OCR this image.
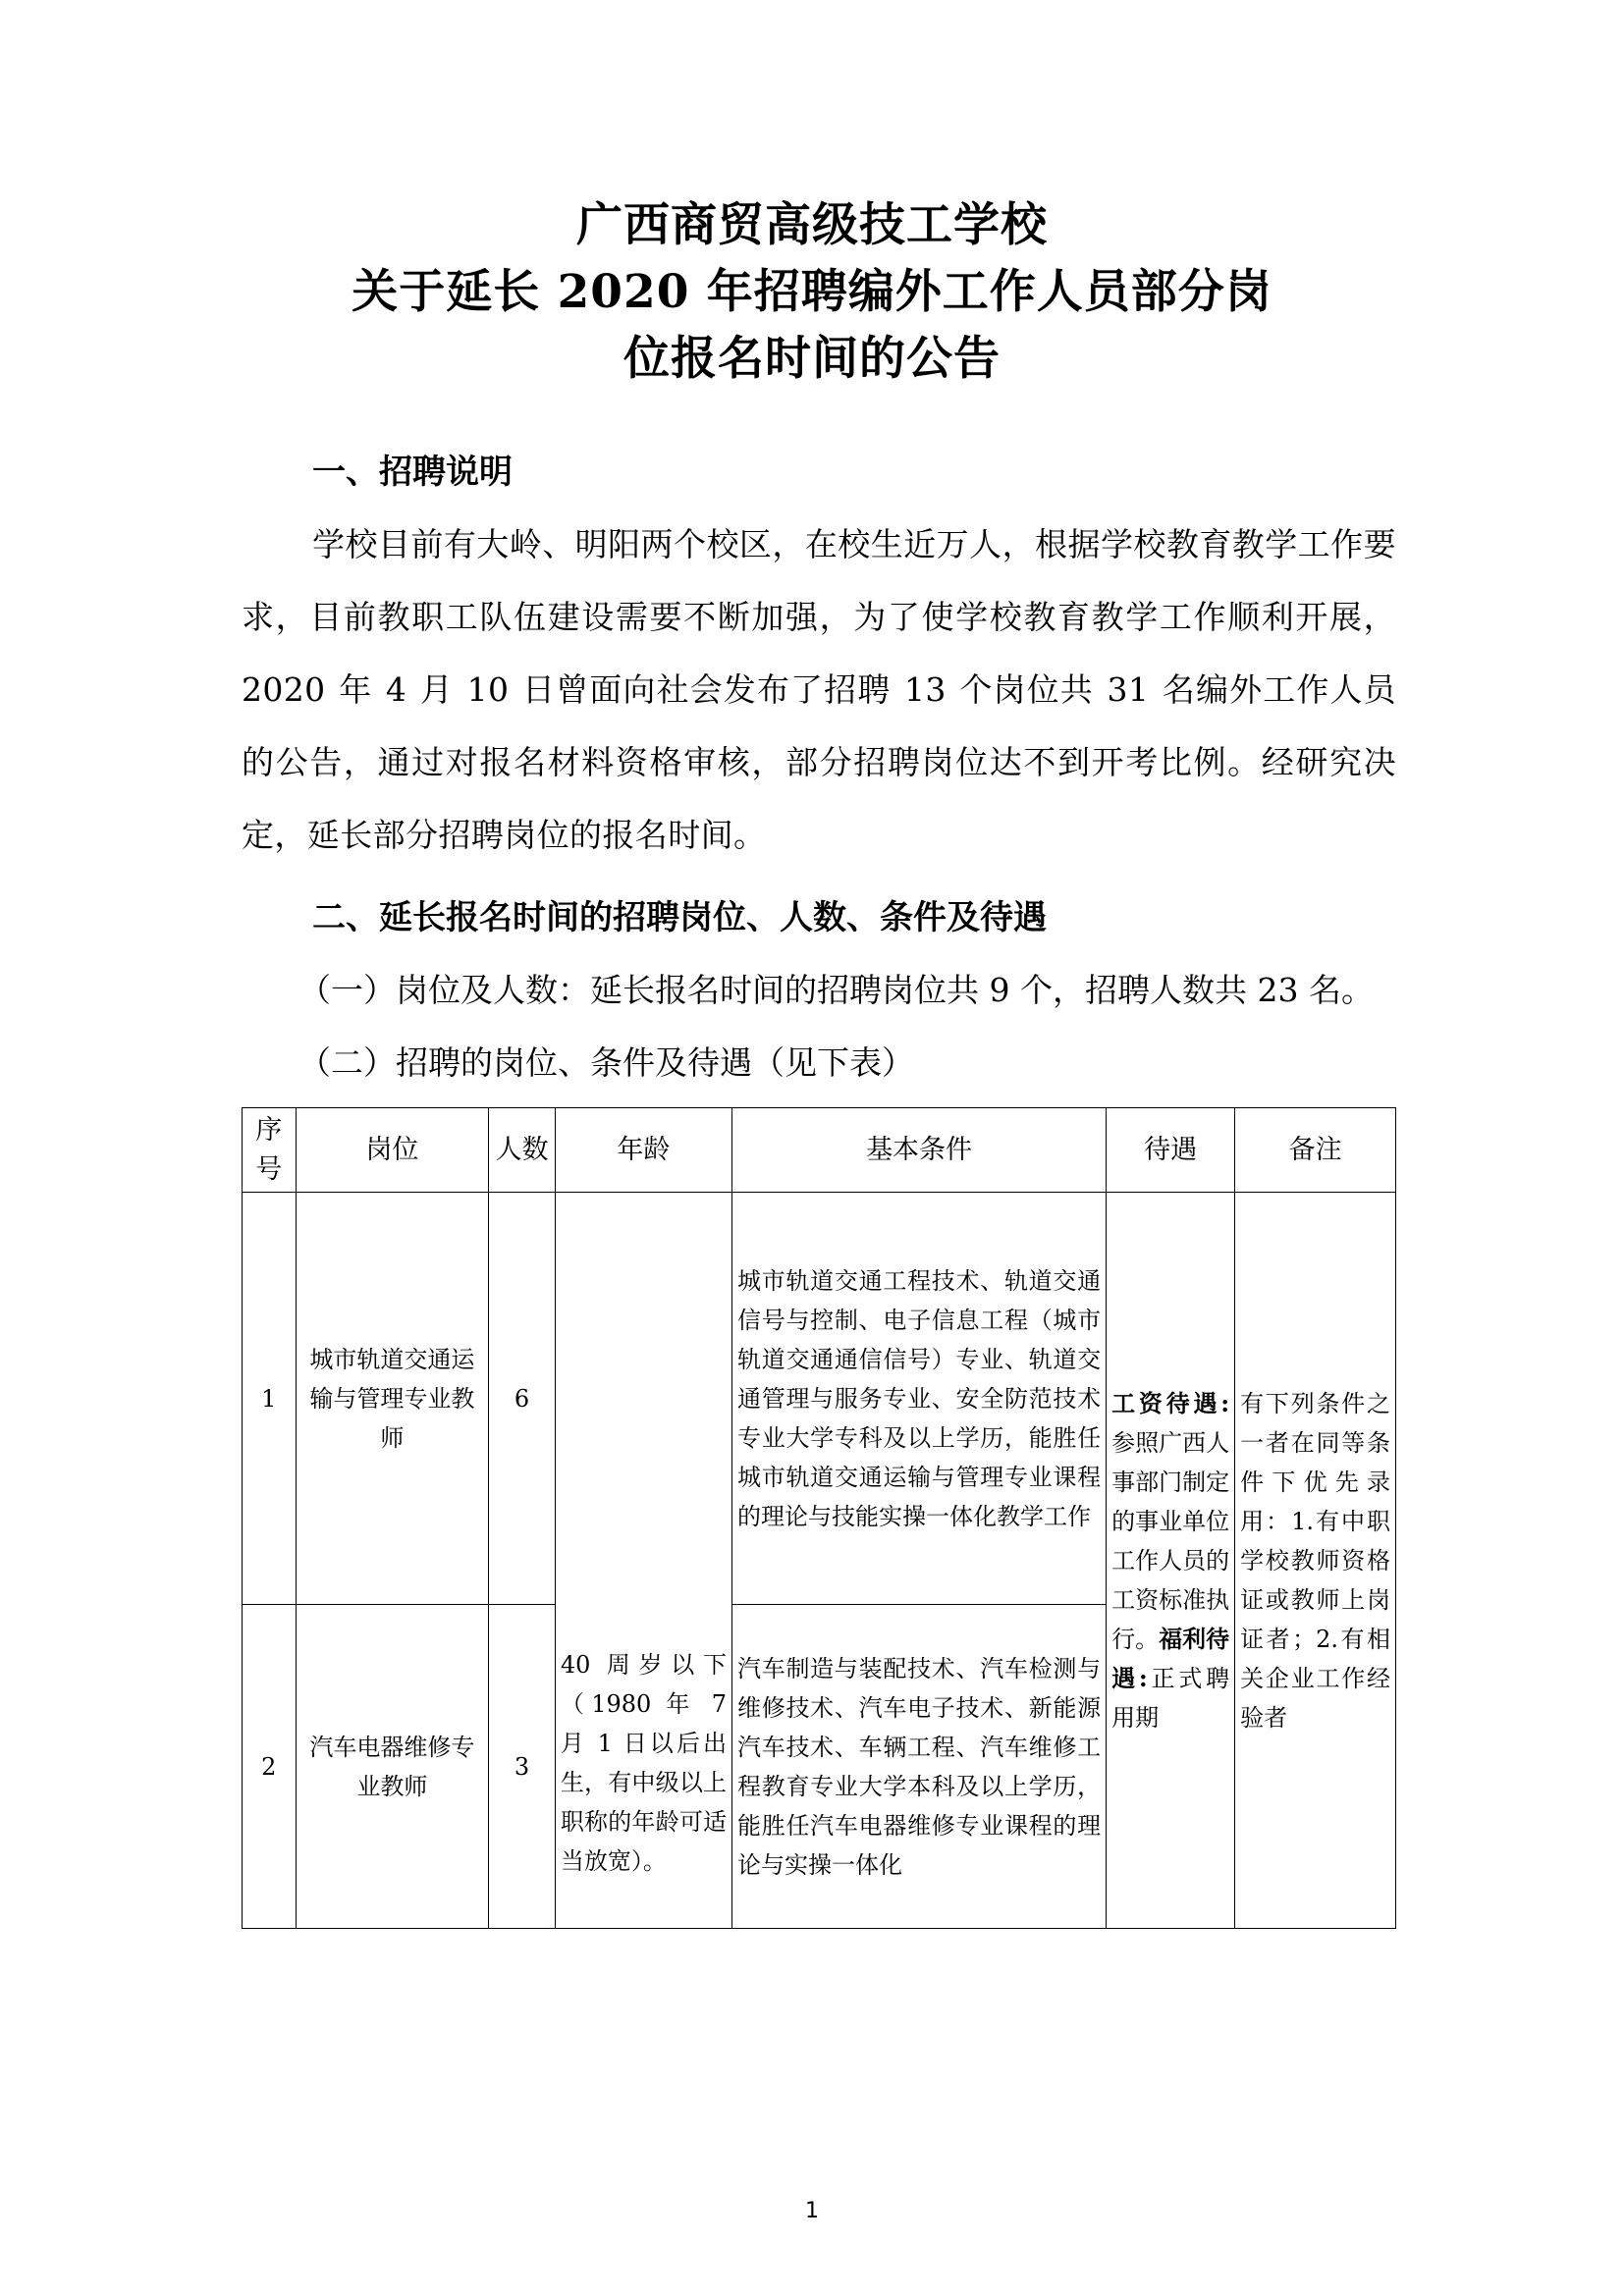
广西商贸高级技工学校
关于延长 2020 年招聘编外工作人员部分岗
位报名时间的公告
一、招聘说明

学校目前有大岭、明阳两个校区，在校生近万人，根据学校教育教学工作要求，目前教职工队伍建设需要不断加强，为了使学校教育教学工作顺利开展，2020 年 4 月 10 日曾面向社会发布了招聘 13 个岗位共 31 名编外工作人员的公告，通过对报名材料资格审核，部分招聘岗位达不到开考比例。经研究决定，延长部分招聘岗位的报名时间。

二、延长报名时间的招聘岗位、人数、条件及待遇

（一）岗位及人数：延长报名时间的招聘岗位共 9 个，招聘人数共 23 名。

（二）招聘的岗位、条件及待遇（见下表）

序号	岗位	人数	年龄	基本条件	待遇	备注
1	城市轨道交通运输与管理专业教师	6	40 周岁以下（1980 年 7 月 1 日以后出生，有中级以上职称的年龄可适当放宽）。	城市轨道交通工程技术、轨道交通信号与控制、电子信息工程（城市轨道交通通信信号）专业、轨道交通管理与服务专业、安全防范技术专业大学专科及以上学历，能胜任城市轨道交通运输与管理专业课程的理论与技能实操一体化教学工作	工资待遇:参照广西人事部门制定的事业单位工作人员的工资标准执行。福利待遇:正式聘用期	有下列条件之一者在同等条件下优先录用：1.有中职学校教师资格证或教师上岗证者；2.有相关企业工作经验者
2	汽车电器维修专业教师	3		汽车制造与装配技术、汽车检测与维修技术、汽车电子技术、新能源汽车技术、车辆工程、汽车维修工程教育专业大学本科及以上学历，能胜任汽车电器维修专业课程的理论与实操一体化		
1
